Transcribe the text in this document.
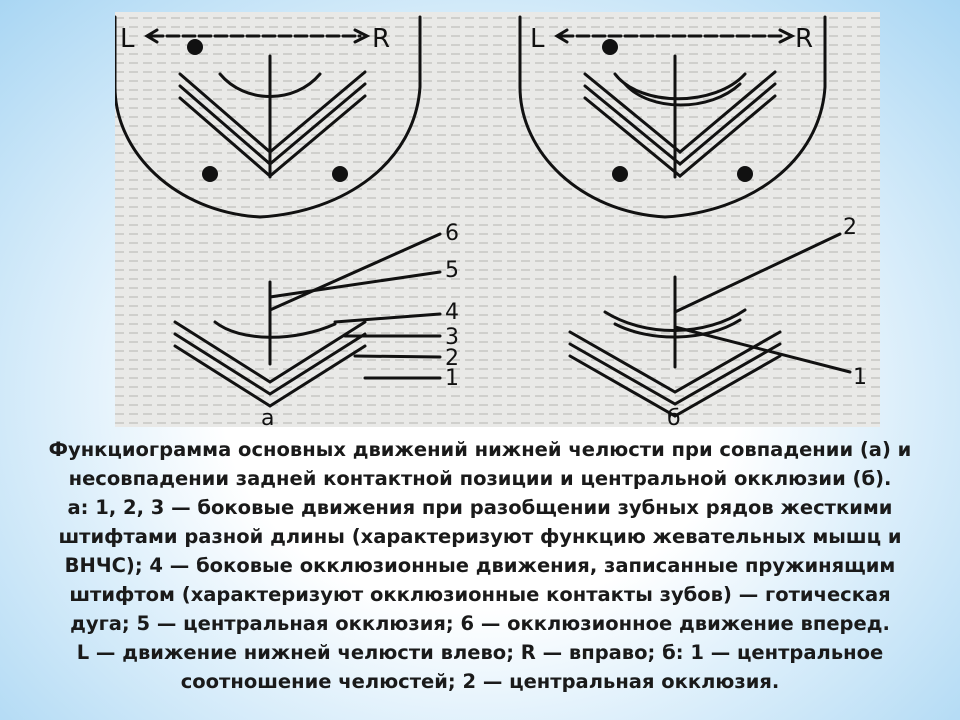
L	R	L	R
6
5
4
3
2
1
2
1
а	б
Функциограмма основных движений нижней челюсти при совпадении (а) и
несовпадении задней контактной позиции и центральной окклюзии (б).
а: 1, 2, 3 — боковые движения при разобщении зубных рядов жесткими
штифтами разной длины (характеризуют функцию жевательных мышц и
ВНЧС); 4 — боковые окклюзионные движения, записанные пружинящим
штифтом (характеризуют окклюзионные контакты зубов) — готическая
дуга; 5 — центральная окклюзия; 6 — окклюзионное движение вперед.
L — движение нижней челюсти влево; R — вправо; б: 1 — центральное
соотношение челюстей; 2 — центральная окклюзия.
